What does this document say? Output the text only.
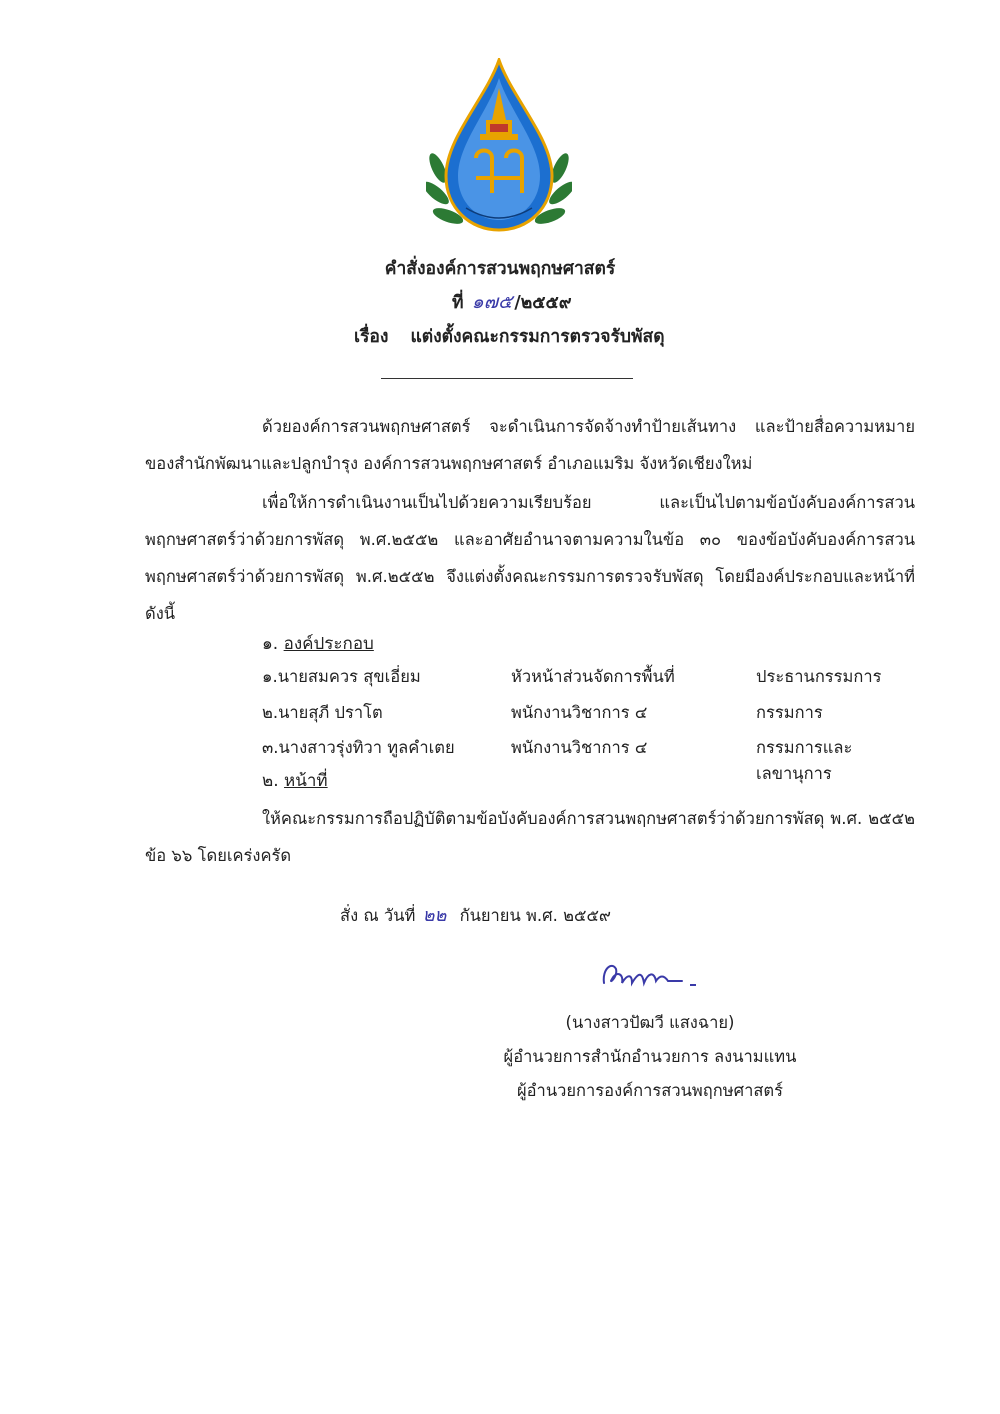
คำสั่งองค์การสวนพฤกษศาสตร์
ที่ ๑๗๕ /๒๕๕๙
เรื่อง แต่งตั้งคณะกรรมการตรวจรับพัสดุ
ด้วยองค์การสวนพฤกษศาสตร์ จะดำเนินการจัดจ้างทำป้ายเส้นทาง และป้ายสื่อความหมาย ของสำนักพัฒนาและปลูกบำรุง องค์การสวนพฤกษศาสตร์ อำเภอแมริม จังหวัดเชียงใหม่
เพื่อให้การดำเนินงานเป็นไปด้วยความเรียบร้อย และเป็นไปตามข้อบังคับองค์การสวนพฤกษศาสตร์ว่าด้วยการพัสดุ พ.ศ.๒๕๕๒ และอาศัยอำนาจตามความในข้อ ๓๐ ของข้อบังคับองค์การสวนพฤกษศาสตร์ว่าด้วยการพัสดุ พ.ศ.๒๕๕๒ จึงแต่งตั้งคณะกรรมการตรวจรับพัสดุ โดยมีองค์ประกอบและหน้าที่ ดังนี้
๑. องค์ประกอบ
๑.นายสมควร สุขเอี่ยม	หัวหน้าส่วนจัดการพื้นที่	ประธานกรรมการ
๒.นายสุภี ปราโต	พนักงานวิชาการ ๔	กรรมการ
๓.นางสาวรุ่งทิวา ทูลคำเตย	พนักงานวิชาการ ๔	กรรมการและเลขานุการ
๒. หน้าที่
ให้คณะกรรมการถือปฏิบัติตามข้อบังคับองค์การสวนพฤกษศาสตร์ว่าด้วยการพัสดุ พ.ศ. ๒๕๕๒ ข้อ ๖๖ โดยเคร่งครัด
สั่ง ณ วันที่ ๒๒ กันยายน พ.ศ. ๒๕๕๙
(นางสาวปัฒวี แสงฉาย)
ผู้อำนวยการสำนักอำนวยการ ลงนามแทน
ผู้อำนวยการองค์การสวนพฤกษศาสตร์
